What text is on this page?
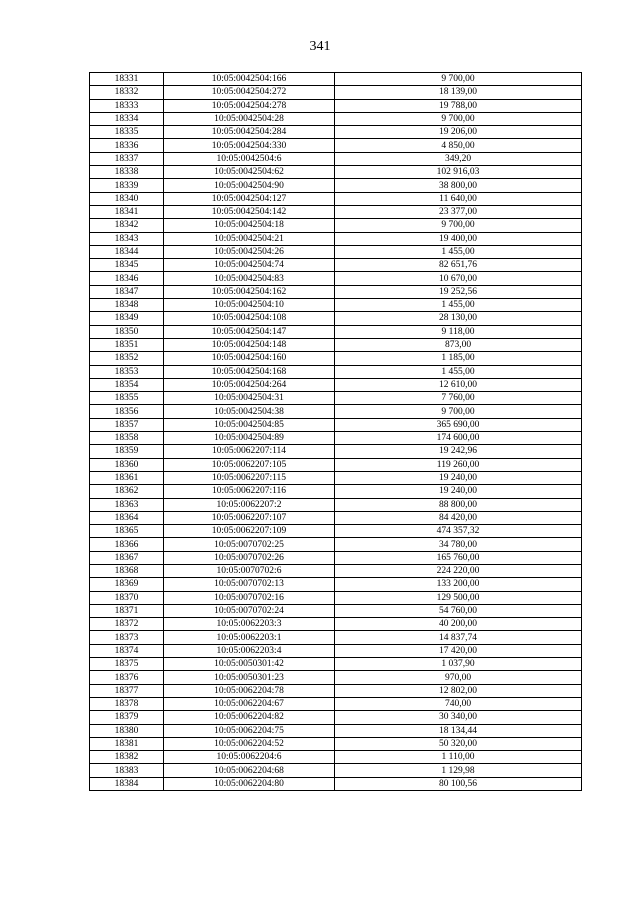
341
18331	10:05:0042504:166	9 700,00
18332	10:05:0042504:272	18 139,00
18333	10:05:0042504:278	19 788,00
18334	10:05:0042504:28	9 700,00
18335	10:05:0042504:284	19 206,00
18336	10:05:0042504:330	4 850,00
18337	10:05:0042504:6	349,20
18338	10:05:0042504:62	102 916,03
18339	10:05:0042504:90	38 800,00
18340	10:05:0042504:127	11 640,00
18341	10:05:0042504:142	23 377,00
18342	10:05:0042504:18	9 700,00
18343	10:05:0042504:21	19 400,00
18344	10:05:0042504:26	1 455,00
18345	10:05:0042504:74	82 651,76
18346	10:05:0042504:83	10 670,00
18347	10:05:0042504:162	19 252,56
18348	10:05:0042504:10	1 455,00
18349	10:05:0042504:108	28 130,00
18350	10:05:0042504:147	9 118,00
18351	10:05:0042504:148	873,00
18352	10:05:0042504:160	1 185,00
18353	10:05:0042504:168	1 455,00
18354	10:05:0042504:264	12 610,00
18355	10:05:0042504:31	7 760,00
18356	10:05:0042504:38	9 700,00
18357	10:05:0042504:85	365 690,00
18358	10:05:0042504:89	174 600,00
18359	10:05:0062207:114	19 242,96
18360	10:05:0062207:105	119 260,00
18361	10:05:0062207:115	19 240,00
18362	10:05:0062207:116	19 240,00
18363	10:05:0062207:2	88 800,00
18364	10:05:0062207:107	84 420,00
18365	10:05:0062207:109	474 357,32
18366	10:05:0070702:25	34 780,00
18367	10:05:0070702:26	165 760,00
18368	10:05:0070702:6	224 220,00
18369	10:05:0070702:13	133 200,00
18370	10:05:0070702:16	129 500,00
18371	10:05:0070702:24	54 760,00
18372	10:05:0062203:3	40 200,00
18373	10:05:0062203:1	14 837,74
18374	10:05:0062203:4	17 420,00
18375	10:05:0050301:42	1 037,90
18376	10:05:0050301:23	970,00
18377	10:05:0062204:78	12 802,00
18378	10:05:0062204:67	740,00
18379	10:05:0062204:82	30 340,00
18380	10:05:0062204:75	18 134,44
18381	10:05:0062204:52	50 320,00
18382	10:05:0062204:6	1 110,00
18383	10:05:0062204:68	1 129,98
18384	10:05:0062204:80	80 100,56
